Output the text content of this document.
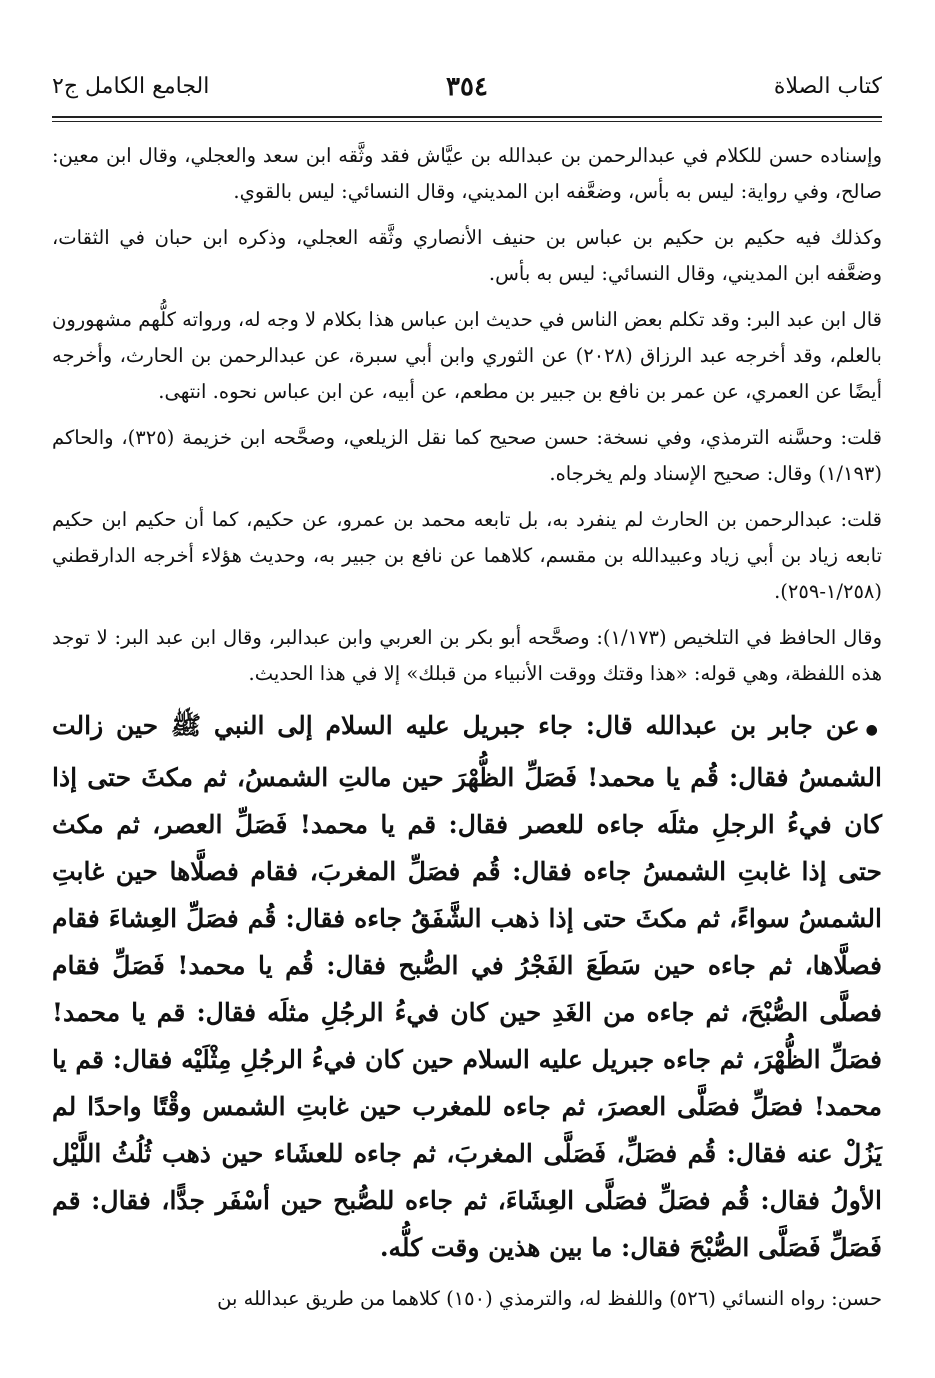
كتاب الصلاة
٣٥٤
الجامع الكامل ج٢

وإسناده حسن للكلام في عبدالرحمن بن عبدالله بن عيَّاش فقد وثَّقه ابن سعد والعجلي، وقال ابن معين: صالح، وفي رواية: ليس به بأس، وضعَّفه ابن المديني، وقال النسائي: ليس بالقوي.

وكذلك فيه حكيم بن حكيم بن عباس بن حنيف الأنصاري وثَّقه العجلي، وذكره ابن حبان في الثقات، وضعَّفه ابن المديني، وقال النسائي: ليس به بأس.

قال ابن عبد البر: وقد تكلم بعض الناس في حديث ابن عباس هذا بكلام لا وجه له، ورواته كلُّهم مشهورون بالعلم، وقد أخرجه عبد الرزاق (٢٠٢٨) عن الثوري وابن أبي سبرة، عن عبدالرحمن بن الحارث، وأخرجه أيضًا عن العمري، عن عمر بن نافع بن جبير بن مطعم، عن أبيه، عن ابن عباس نحوه. انتهى.

قلت: وحسَّنه الترمذي، وفي نسخة: حسن صحيح كما نقل الزيلعي، وصحَّحه ابن خزيمة (٣٢٥)، والحاكم (١/١٩٣) وقال: صحيح الإسناد ولم يخرجاه.

قلت: عبدالرحمن بن الحارث لم ينفرد به، بل تابعه محمد بن عمرو، عن حكيم، كما أن حكيم ابن حكيم تابعه زياد بن أبي زياد وعبيدالله بن مقسم، كلاهما عن نافع بن جبير به، وحديث هؤلاء أخرجه الدارقطني (١/٢٥٨-٢٥٩).

وقال الحافظ في التلخيص (١/١٧٣): وصحَّحه أبو بكر بن العربي وابن عبدالبر، وقال ابن عبد البر: لا توجد هذه اللفظة، وهي قوله: «هذا وقتك ووقت الأنبياء من قبلك» إلا في هذا الحديث.

●عن جابر بن عبدالله قال: جاء جبريل عليه السلام إلى النبي ﷺ حين زالت الشمسُ فقال: قُم يا محمد! فَصَلِّ الظُّهْرَ حين مالتِ الشمسُ، ثم مكثَ حتى إذا كان فيءُ الرجلِ مثلَه جاءه للعصر فقال: قم يا محمد! فَصَلِّ العصر، ثم مكث حتى إذا غابتِ الشمسُ جاءه فقال: قُم فصَلِّ المغربَ، فقام فصلَّاها حين غابتِ الشمسُ سواءً، ثم مكثَ حتى إذا ذهب الشَّفَقُ جاءه فقال: قُم فصَلِّ العِشاءَ فقام فصلَّاها، ثم جاءه حين سَطَعَ الفَجْرُ في الصُّبح فقال: قُم يا محمد! فَصَلِّ فقام فصلَّى الصُّبْحَ، ثم جاءه من الغَدِ حين كان فيءُ الرجُلِ مثلَه فقال: قم يا محمد! فصَلِّ الظُّهْرَ، ثم جاءه جبريل عليه السلام حين كان فيءُ الرجُلِ مِثْلَيْه فقال: قم يا محمد! فصَلِّ فصَلَّى العصرَ، ثم جاءه للمغرب حين غابتِ الشمس وقْتًا واحدًا لم يَزُلْ عنه فقال: قُم فصَلِّ، فَصَلَّى المغربَ، ثم جاءه للعشَاء حين ذهب ثُلُثُ اللَّيْل الأولُ فقال: قُم فصَلِّ فصَلَّى العِشَاءَ، ثم جاءه للصُّبح حين أسْفَر جدًّا، فقال: قم فَصَلِّ فَصَلَّى الصُّبْحَ فقال: ما بين هذين وقت كلُّه.

حسن: رواه النسائي (٥٢٦) واللفظ له، والترمذي (١٥٠) كلاهما من طريق عبدالله بن
